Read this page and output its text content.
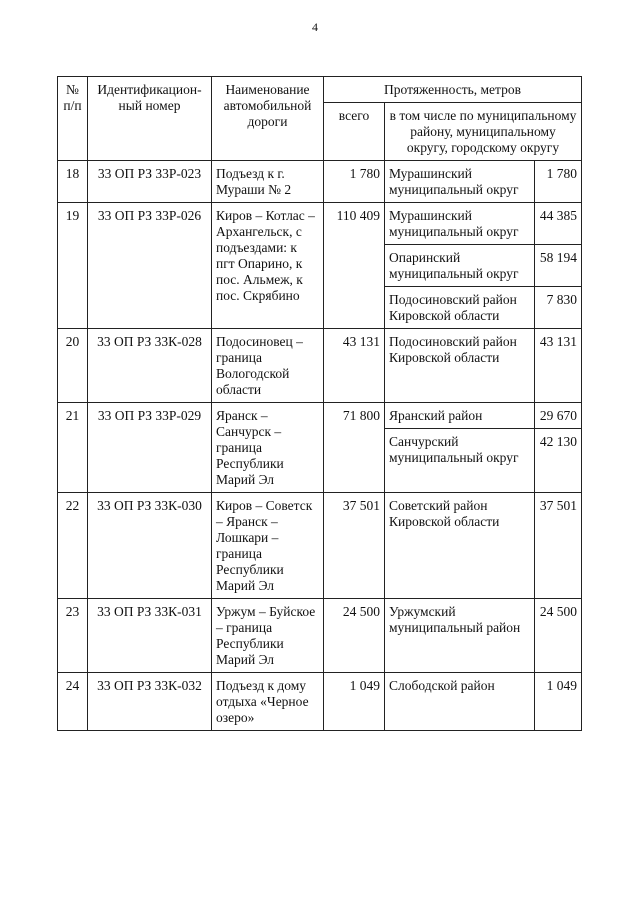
4
№ п/п	Идентификацион-ный номер	Наименование автомобильной дороги	Протяженность, метров		
			всего	в том числе по муниципальному району, муниципальному округу, городскому округу	
18	33 ОП РЗ 33Р-023	Подъезд к г. Мураши № 2	1 780	Мурашинский муниципальный округ	1 780
19	33 ОП РЗ 33Р-026	Киров – Котлас – Архангельск, с подъездами: к пгт Опарино, к пос. Альмеж, к пос. Скрябино	110 409	Мурашинский муниципальный округ	44 385
				Опаринский муниципальный округ	58 194
				Подосиновский район Кировской области	7 830
20	33 ОП РЗ 33К-028	Подосиновец – граница Вологодской области	43 131	Подосиновский район Кировской области	43 131
21	33 ОП РЗ 33Р-029	Яранск – Санчурск – граница Республики Марий Эл	71 800	Яранский район	29 670
				Санчурский муниципальный округ	42 130
22	33 ОП РЗ 33К-030	Киров – Советск – Яранск – Лошкари – граница Республики Марий Эл	37 501	Советский район Кировской области	37 501
23	33 ОП РЗ 33К-031	Уржум – Буйское – граница Республики Марий Эл	24 500	Уржумский муниципальный район	24 500
24	33 ОП РЗ 33К-032	Подъезд к дому отдыха «Черное озеро»	1 049	Слободской район	1 049
